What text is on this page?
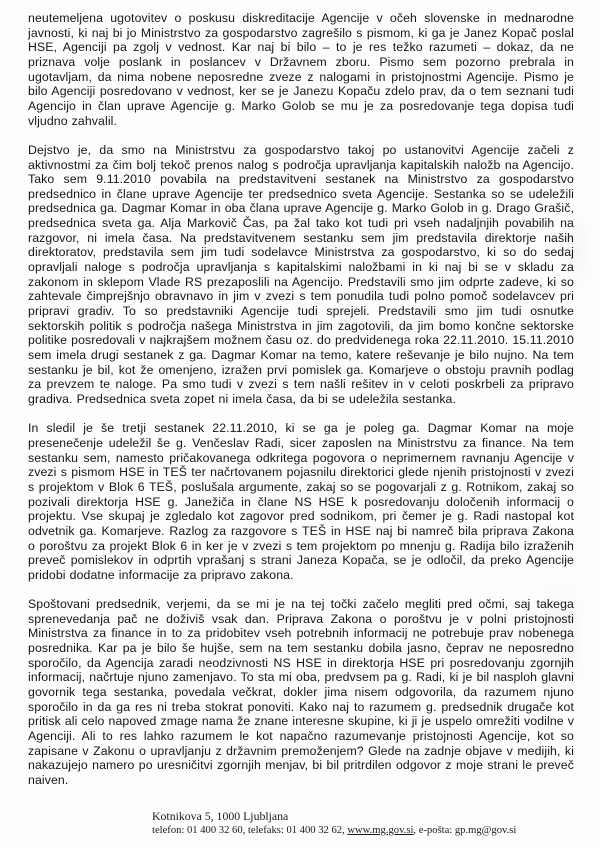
neutemeljena ugotovitev o poskusu diskreditacije Agencije v očeh slovenske in mednarodne javnosti, ki naj bi jo Ministrstvo za gospodarstvo zagrešilo s pismom, ki ga je Janez Kopač poslal HSE, Agenciji pa zgolj v vednost. Kar naj bi bilo – to je res težko razumeti – dokaz, da ne priznava volje poslank in poslancev v Državnem zboru. Pismo sem pozorno prebrala in ugotavljam, da nima nobene neposredne zveze z nalogami in pristojnostmi Agencije. Pismo je bilo Agenciji posredovano v vednost, ker se je Janezu Kopaču zdelo prav, da o tem seznani tudi Agencijo in član uprave Agencije g. Marko Golob se mu je za posredovanje tega dopisa tudi vljudno zahvalil.

Dejstvo je, da smo na Ministrstvu za gospodarstvo takoj po ustanovitvi Agencije začeli z aktivnostmi za čim bolj tekoč prenos nalog s področja upravljanja kapitalskih naložb na Agencijo. Tako sem 9.11.2010 povabila na predstavitveni sestanek na Ministrstvo za gospodarstvo predsednico in člane uprave Agencije ter predsednico sveta Agencije. Sestanka so se udeležili predsednica ga. Dagmar Komar in oba člana uprave Agencije g. Marko Golob in g. Drago Grašič, predsednica sveta ga. Alja Markovič Čas, pa žal tako kot tudi pri vseh nadaljnjih povabilih na razgovor, ni imela časa. Na predstavitvenem sestanku sem jim predstavila direktorje naših direktoratov, predstavila sem jim tudi sodelavce Ministrstva za gospodarstvo, ki so do sedaj opravljali naloge s področja upravljanja s kapitalskimi naložbami in ki naj bi se v skladu za zakonom in sklepom Vlade RS prezaposlili na Agencijo. Predstavili smo jim odprte zadeve, ki so zahtevale čimprejšnjo obravnavo in jim v zvezi s tem ponudila tudi polno pomoč sodelavcev pri pripravi gradiv. To so predstavniki Agencije tudi sprejeli. Predstavili smo jim tudi osnutke sektorskih politik s področja našega Ministrstva in jim zagotovili, da jim bomo končne sektorske politike posredovali v najkrajšem možnem času oz. do predvidenega roka 22.11.2010. 15.11.2010 sem imela drugi sestanek z ga. Dagmar Komar na temo, katere reševanje je bilo nujno. Na tem sestanku je bil, kot že omenjeno, izražen prvi pomislek ga. Komarjeve o obstoju pravnih podlag za prevzem te naloge. Pa smo tudi v zvezi s tem našli rešitev in v celoti poskrbeli za pripravo gradiva. Predsednica sveta zopet ni imela časa, da bi se udeležila sestanka.

In sledil je še tretji sestanek 22.11.2010, ki se ga je poleg ga. Dagmar Komar na moje presenečenje udeležil še g. Venčeslav Radi, sicer zaposlen na Ministrstvu za finance. Na tem sestanku sem, namesto pričakovanega odkritega pogovora o neprimernem ravnanju Agencije v zvezi s pismom HSE in TEŠ ter načrtovanem pojasnilu direktorici glede njenih pristojnosti v zvezi s projektom v Blok 6 TEŠ, poslušala argumente, zakaj so se pogovarjali z g. Rotnikom, zakaj so pozivali direktorja HSE g. Janežiča in člane NS HSE k posredovanju določenih informacij o projektu. Vse skupaj je zgledalo kot zagovor pred sodnikom, pri čemer je g. Radi nastopal kot odvetnik ga. Komarjeve. Razlog za razgovore s TEŠ in HSE naj bi namreč bila priprava Zakona o poroštvu za projekt Blok 6 in ker je v zvezi s tem projektom po mnenju g. Radija bilo izraženih preveč pomislekov in odprtih vprašanj s strani Janeza Kopača, se je odločil, da preko Agencije pridobi dodatne informacije za pripravo zakona.

Spoštovani predsednik, verjemi, da se mi je na tej točki začelo megliti pred očmi, saj takega sprenevedanja pač ne doživiš vsak dan. Priprava Zakona o poroštvu je v polni pristojnosti Ministrstva za finance in to za pridobitev vseh potrebnih informacij ne potrebuje prav nobenega posrednika. Kar pa je bilo še hujše, sem na tem sestanku dobila jasno, čeprav ne neposredno sporočilo, da Agencija zaradi neodzivnosti NS HSE in direktorja HSE pri posredovanju zgornjih informacij, načrtuje njuno zamenjavo. To sta mi oba, predvsem pa g. Radi, ki je bil nasploh glavni govornik tega sestanka, povedala večkrat, dokler jima nisem odgovorila, da razumem njuno sporočilo in da ga res ni treba stokrat ponoviti. Kako naj to razumem g. predsednik drugače kot pritisk ali celo napoved zmage nama že znane interesne skupine, ki ji je uspelo omrežiti vodilne v Agenciji. Ali to res lahko razumem le kot napačno razumevanje pristojnosti Agencije, kot so zapisane v Zakonu o upravljanju z državnim premoženjem? Glede na zadnje objave v medijih, ki nakazujejo namero po uresničitvi zgornjih menjav, bi bil pritrdilen odgovor z moje strani le preveč naiven.

Kotnikova 5, 1000 Ljubljana
telefon: 01 400 32 60, telefaks: 01 400 32 62, www.mg.gov.si, e-pošta: gp.mg@gov.si
